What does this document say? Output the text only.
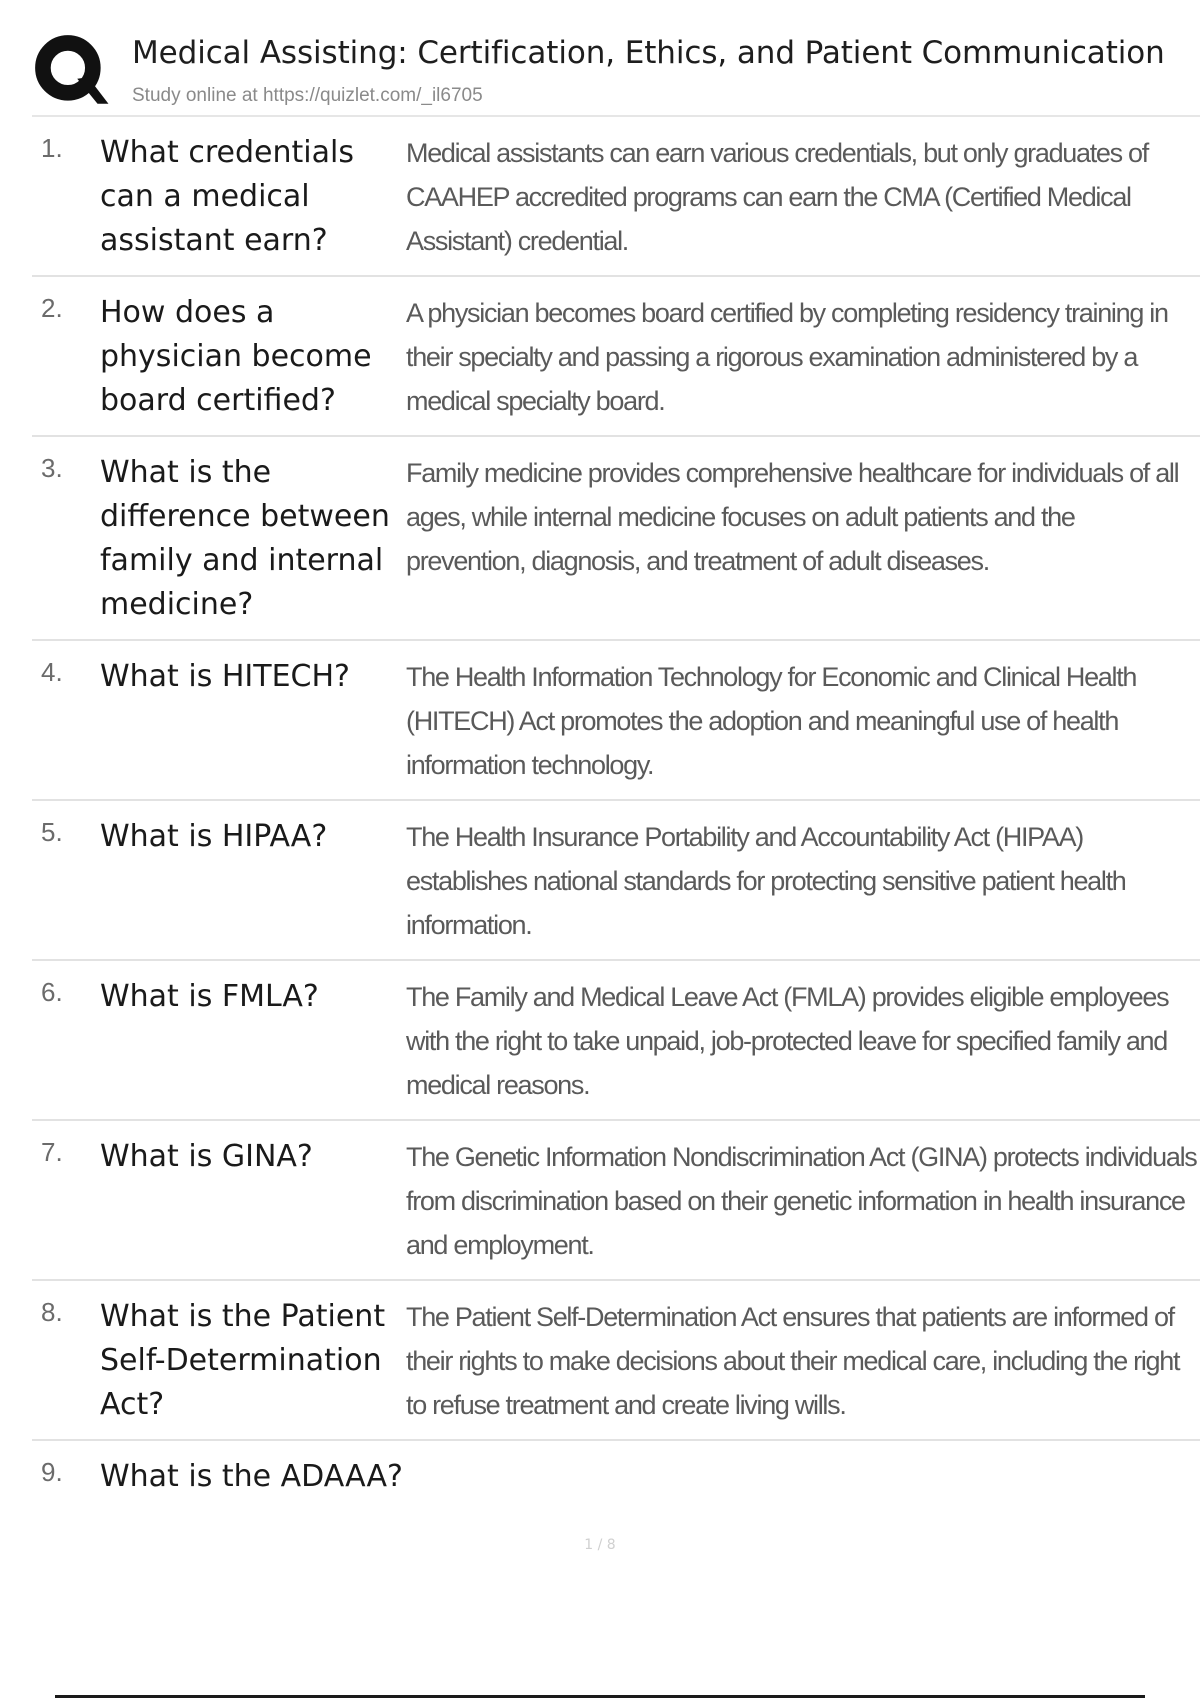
Medical Assisting: Certification, Ethics, and Patient Communication
Study online at https://quizlet.com/_il6705
1. What credentials can a medical assistant earn?
Medical assistants can earn various credentials, but only graduates of CAAHEP accredited programs can earn the CMA (Certified Medical Assistant) credential.
2. How does a physician become board certified?
A physician becomes board certified by completing residency training in their specialty and passing a rigorous examination administered by a medical specialty board.
3. What is the difference between family and internal medicine?
Family medicine provides comprehensive healthcare for individuals of all ages, while internal medicine focuses on adult patients and the prevention, diagnosis, and treatment of adult diseases.
4. What is HITECH?	The Health Information Technology for Economic and Clinical Health (HITECH) Act promotes the adoption and meaningful use of health information technology.
5. What is HIPAA?	The Health Insurance Portability and Accountability Act (HIPAA) establishes national standards for protecting sensitive patient health information.
6. What is FMLA?	The Family and Medical Leave Act (FMLA) provides eligible employees with the right to take unpaid, job-protected leave for specified family and medical reasons.
7. What is GINA?	The Genetic Information Nondiscrimination Act (GINA) protects individuals from discrimination based on their genetic information in health insurance and employment.
8. What is the Patient Self-Determination Act?
The Patient Self-Determination Act ensures that patients are informed of their rights to make decisions about their medical care, including the right to refuse treatment and create living wills.
9. What is the ADAAA?
1 / 8
